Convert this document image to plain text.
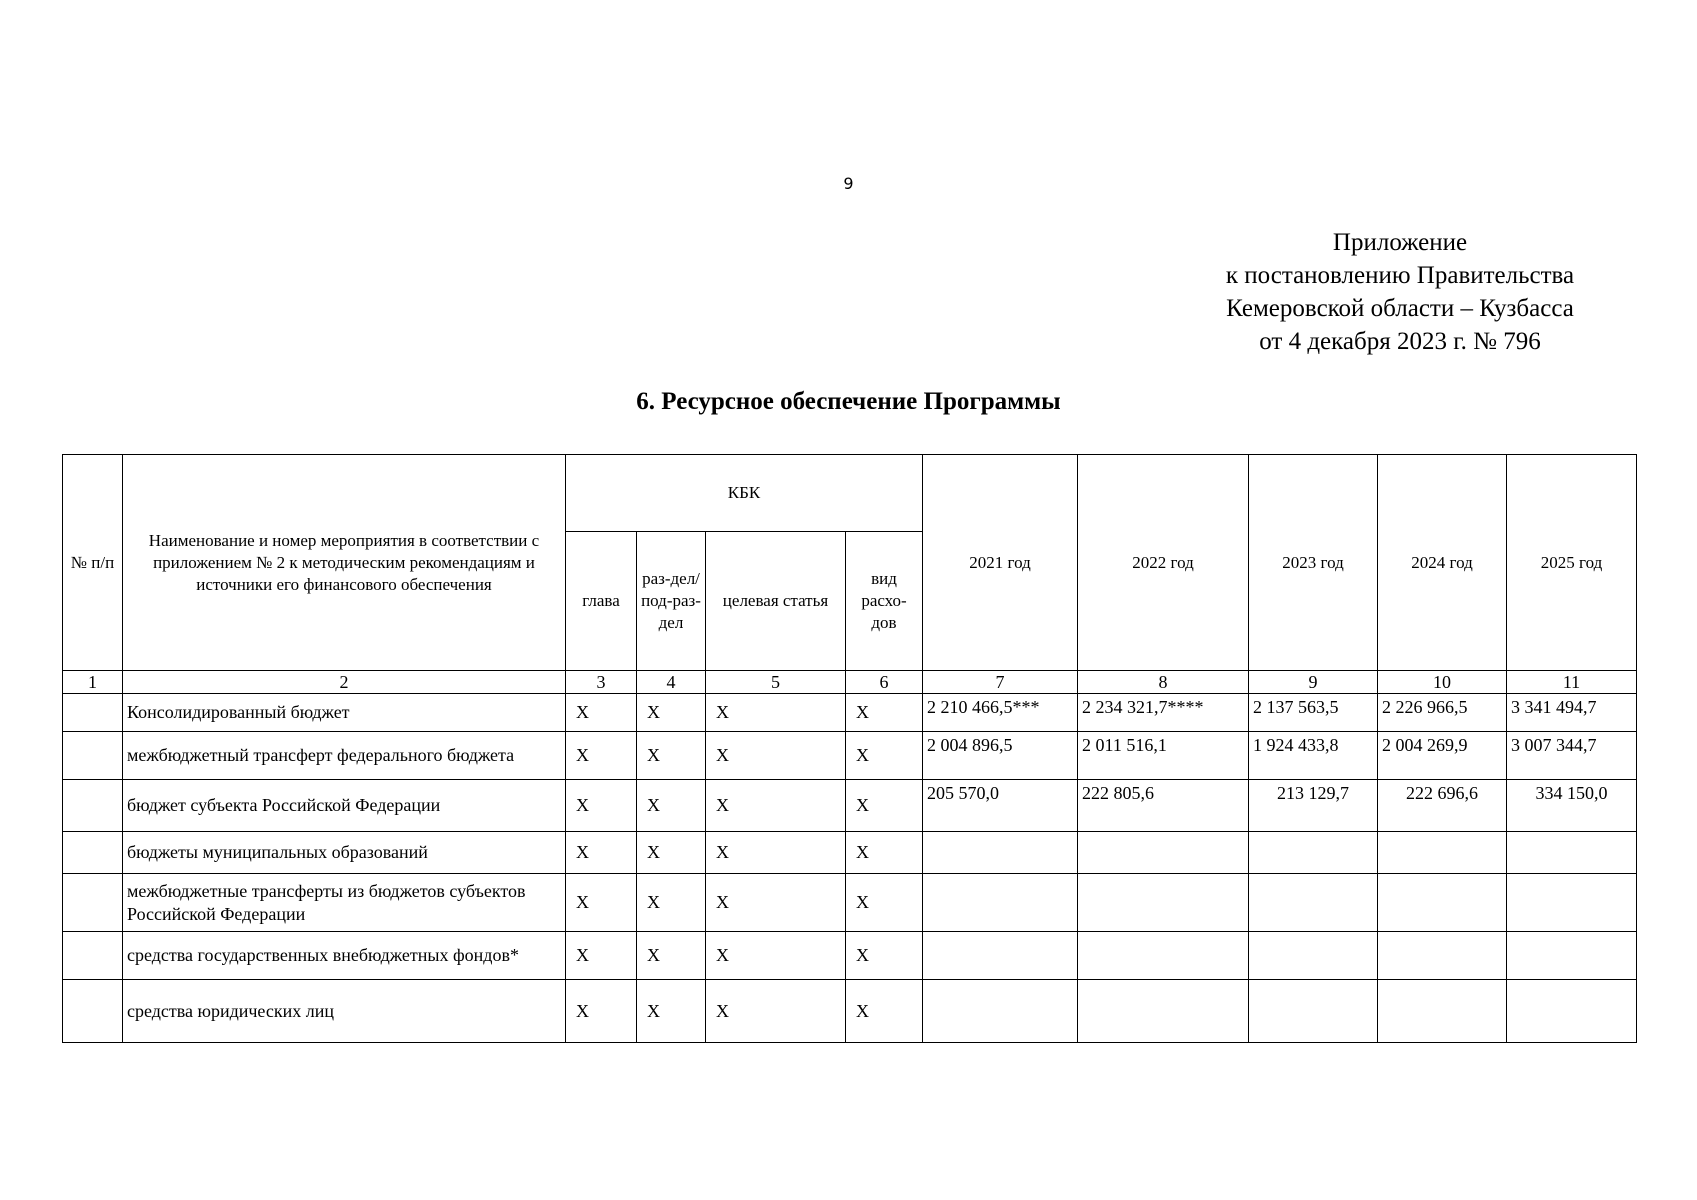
9
Приложение
к постановлению Правительства
Кемеровской области – Кузбасса
от 4 декабря 2023 г. № 796
6. Ресурсное обеспечение Программы
№ п/п	Наименование и номер мероприятия в соответствии с приложением № 2 к методическим рекомендациям и источники его финансового обеспечения	КБК				2021 год	2022 год	2023 год	2024 год	2025 год
		глава	раз-дел/ под-раз-дел	целевая статья	вид расхо-дов					
1	2	3	4	5	6	7	8	9	10	11
	Консолидированный бюджет	X	X	X	X	2 210 466,5***	2 234 321,7****	2 137 563,5	2 226 966,5	3 341 494,7
	межбюджетный трансферт федерального бюджета	X	X	X	X	2 004 896,5	2 011 516,1	1 924 433,8	2 004 269,9	3 007 344,7
	бюджет субъекта Российской Федерации	X	X	X	X	205 570,0	222 805,6	213 129,7	222 696,6	334 150,0
	бюджеты муниципальных образований	X	X	X	X					
	межбюджетные трансферты из бюджетов субъектов Российской Федерации	X	X	X	X					
	средства государственных внебюджетных фондов*	X	X	X	X					
	средства юридических лиц	X	X	X	X					
